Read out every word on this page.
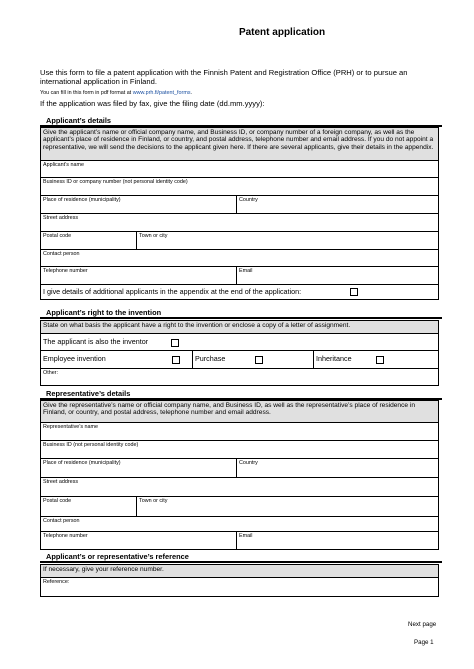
Patent application
Use this form to file a patent application with the Finnish Patent and Registration Office (PRH) or to pursue an international application in Finland.
You can fill in this form in pdf format at www.prh.fi/patent_forms.
If the application was filed by fax, give the filing date (dd.mm.yyyy):
Applicant’s details
Give the applicant’s name or official company name, and Business ID, or company number of a foreign company, as well as the applicant’s place of residence in Finland, or country, and postal address, telephone number and email address. If you do not appoint a representative, we will send the decisions to the applicant given here. If there are several applicants, give their details in the appendix.
Applicant’s name
Business ID or company number (not personal identity code)
Place of residence (municipality)	Country
Street address
Postal code	Town or city
Contact person
Telephone number	Email
I give details of additional applicants in the appendix at the end of the application:
Applicant’s right to the invention
State on what basis the applicant have a right to the invention or enclose a copy of a letter of assignment.
The applicant is also the inventor
Employee invention	Purchase	Inheritance
Other:
Representative’s details
Give the representative’s name or official company name, and Business ID, as well as the representative’s place of residence in Finland, or country, and postal address, telephone number and email address.
Representative’s name
Business ID (not personal identity code)
Place of residence (municipality)	Country
Street address
Postal code	Town or city
Contact person
Telephone number	Email
Applicant’s or representative’s reference
If necessary, give your reference number.
Reference:
Next page
Page 1
